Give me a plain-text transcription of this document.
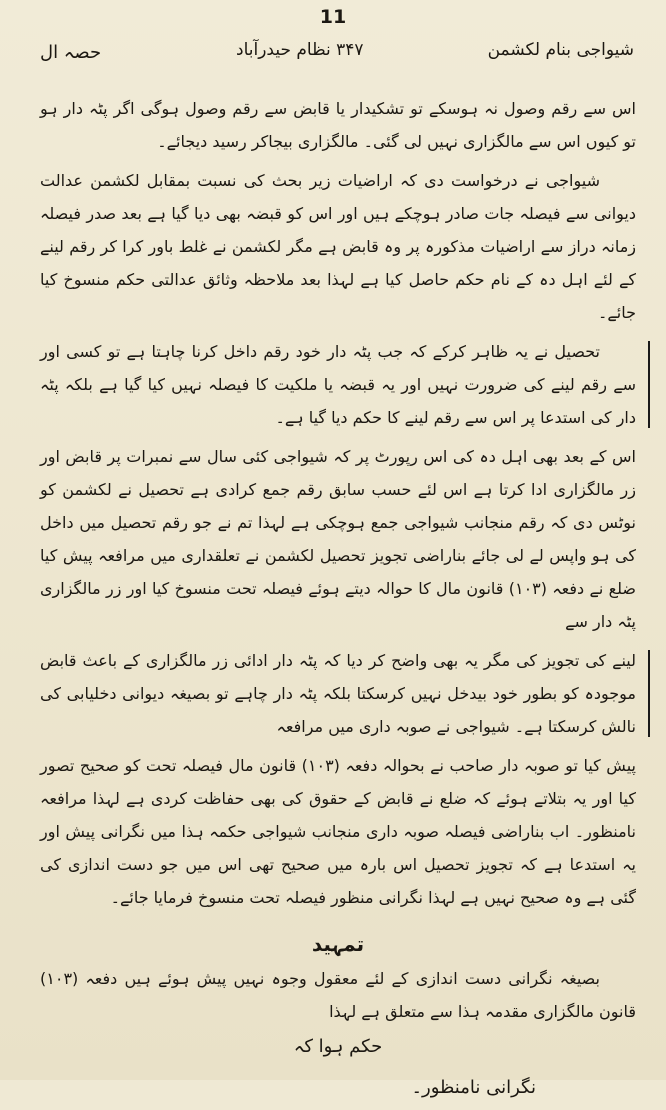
11
حصہ ال	۳۴۷ نظام حیدرآباد	شیواجی بنام لکشمن

اس سے رقم وصول نہ ہوسکے تو تشکیدار یا قابض سے رقم وصول ہوگی اگر پٹہ دار ہو تو کیوں اس سے مالگزاری نہیں لی گئی۔ مالگزاری بیجاکر رسید دیجائے۔

شیواجی نے درخواست دی کہ اراضیات زیر بحث کی نسبت بمقابل لکشمن عدالت دیوانی سے فیصلہ جات صادر ہوچکے ہیں اور اس کو قبضہ بھی دیا گیا ہے بعد صدر فیصلہ زمانہ دراز سے اراضیات مذکورہ پر وہ قابض ہے مگر لکشمن نے غلط باور کرا کر رقم لینے کے لئے اہل دہ کے نام حکم حاصل کیا ہے لہذا بعد ملاحظہ وثائق عدالتی حکم منسوخ کیا جائے۔

تحصیل نے یہ ظاہر کرکے کہ جب پٹہ دار خود رقم داخل کرنا چاہتا ہے تو کسی اور سے رقم لینے کی ضرورت نہیں اور یہ قبضہ یا ملکیت کا فیصلہ نہیں کیا گیا ہے بلکہ پٹہ دار کی استدعا پر اس سے رقم لینے کا حکم دیا گیا ہے۔

اس کے بعد بھی اہل دہ کی اس رپورٹ پر کہ شیواجی کئی سال سے نمبرات پر قابض اور زر مالگزاری ادا کرتا ہے اس لئے حسب سابق رقم جمع کرادی ہے تحصیل نے لکشمن کو نوٹس دی کہ رقم منجانب شیواجی جمع ہوچکی ہے لہذا تم نے جو رقم تحصیل میں داخل کی ہو واپس لے لی جائے بناراضی تجویز تحصیل لکشمن نے تعلقداری میں مرافعہ پیش کیا ضلع نے دفعہ (۱۰۳) قانون مال کا حوالہ دیتے ہوئے فیصلہ تحت منسوخ کیا اور زر مالگزاری پٹہ دار سے

لینے کی تجویز کی مگر یہ بھی واضح کر دیا کہ پٹہ دار ادائی زر مالگزاری کے باعث قابض موجودہ کو بطور خود بیدخل نہیں کرسکتا بلکہ پٹہ دار چاہے تو بصیغہ دیوانی دخلیابی کی نالش کرسکتا ہے۔ شیواجی نے صوبہ داری میں مرافعہ

پیش کیا تو صوبہ دار صاحب نے بحوالہ دفعہ (۱۰۳) قانون مال فیصلہ تحت کو صحیح تصور کیا اور یہ بتلاتے ہوئے کہ ضلع نے قابض کے حقوق کی بھی حفاظت کردی ہے لہذا مرافعہ نامنظور۔ اب بناراضی فیصلہ صوبہ داری منجانب شیواجی حکمہ ہذا میں نگرانی پیش اور یہ استدعا ہے کہ تجویز تحصیل اس بارہ میں صحیح تھی اس میں جو دست اندازی کی گئی ہے وہ صحیح نہیں ہے لہذا نگرانی منظور فیصلہ تحت منسوخ فرمایا جائے۔

تمہید

بصیغہ نگرانی دست اندازی کے لئے معقول وجوہ نہیں پیش ہوئے ہیں دفعہ (۱۰۳) قانون مالگزاری مقدمہ ہذا سے متعلق ہے لہذا

حکم ہوا کہ
نگرانی نامنظور۔
